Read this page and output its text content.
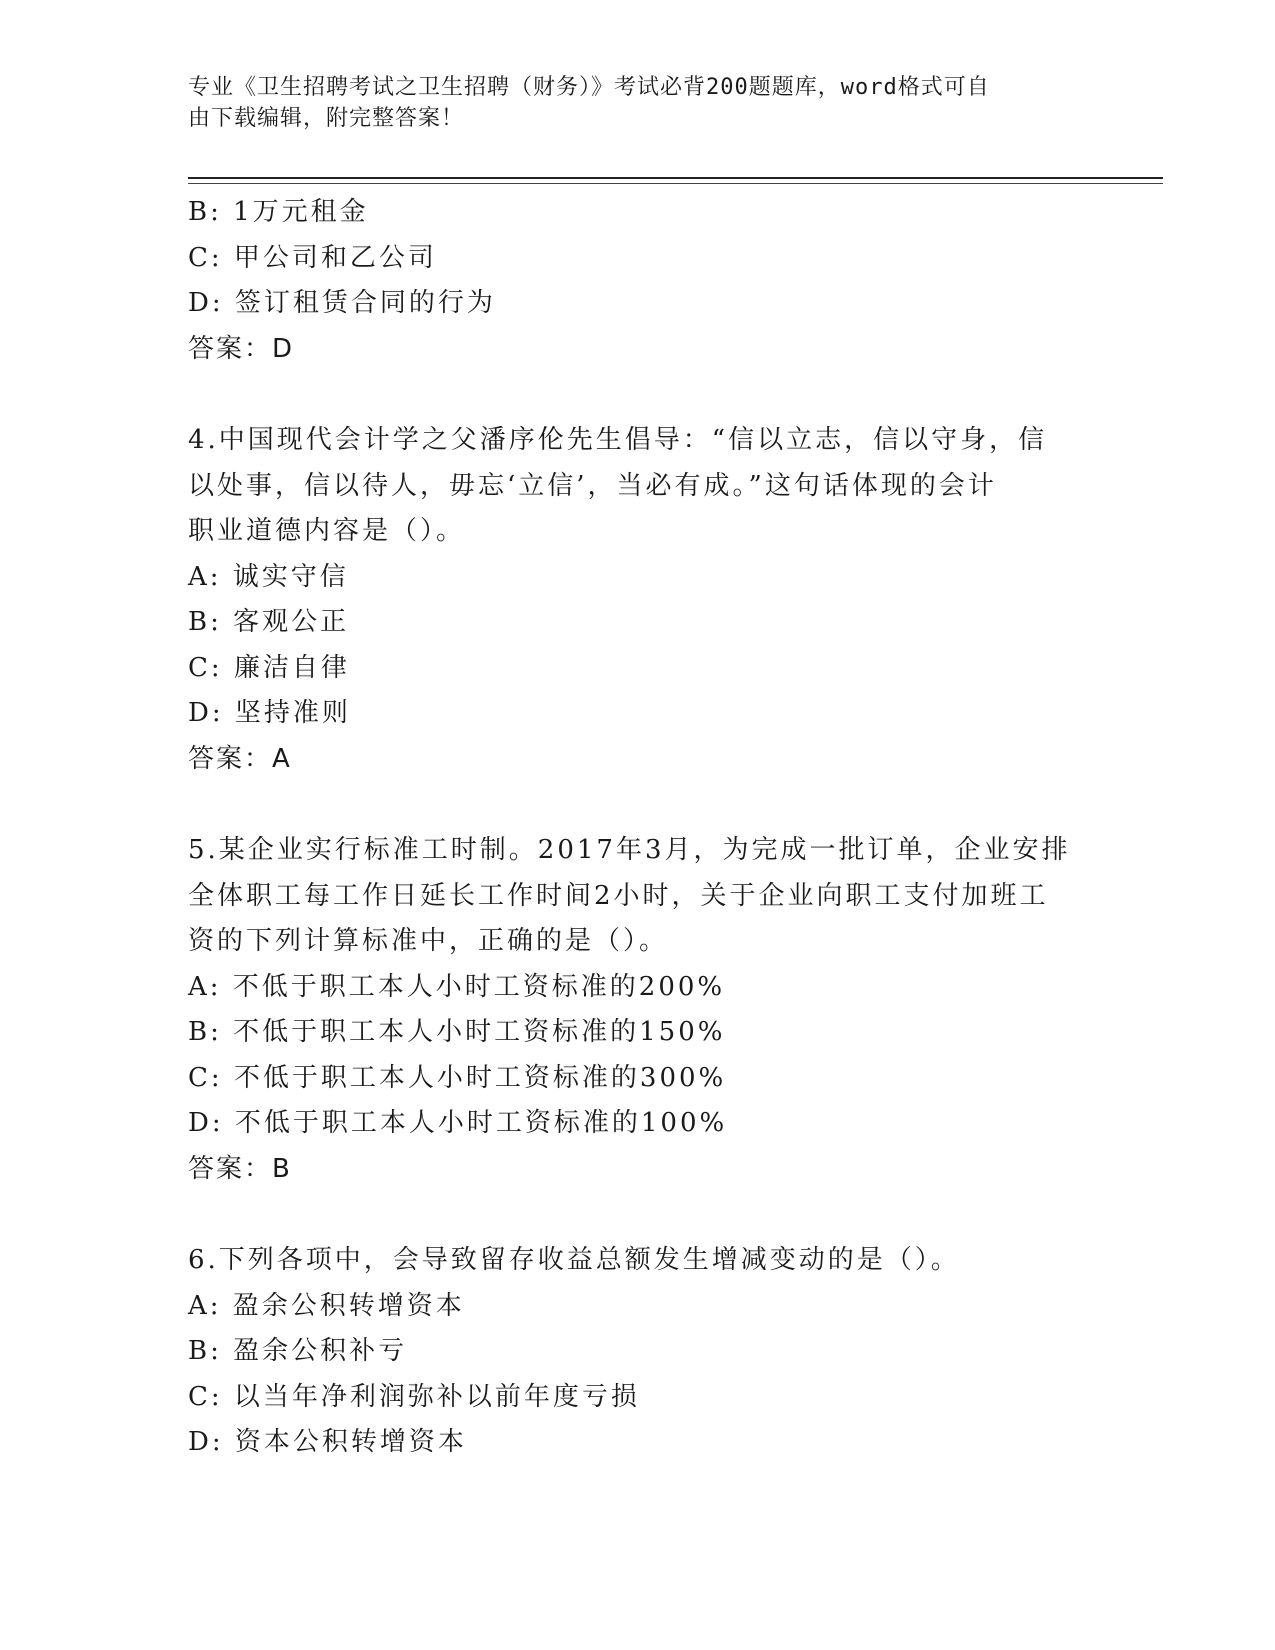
专业《卫生招聘考试之卫生招聘（财务）》考试必背200题题库，word格式可自
由下载编辑，附完整答案！
B: 1万元租金
C: 甲公司和乙公司
D: 签订租赁合同的行为
答案：D
4.中国现代会计学之父潘序伦先生倡导：“信以立志，信以守身，信
以处事，信以待人，毋忘‘立信’，当必有成。”这句话体现的会计
职业道德内容是（）。
A: 诚实守信
B: 客观公正
C: 廉洁自律
D: 坚持准则
答案：A
5.某企业实行标准工时制。2017年3月，为完成一批订单，企业安排
全体职工每工作日延长工作时间2小时，关于企业向职工支付加班工
资的下列计算标准中，正确的是（）。
A: 不低于职工本人小时工资标准的200%
B: 不低于职工本人小时工资标准的150%
C: 不低于职工本人小时工资标准的300%
D: 不低于职工本人小时工资标准的100%
答案：B
6.下列各项中，会导致留存收益总额发生增减变动的是（）。
A: 盈余公积转增资本
B: 盈余公积补亏
C: 以当年净利润弥补以前年度亏损
D: 资本公积转增资本
